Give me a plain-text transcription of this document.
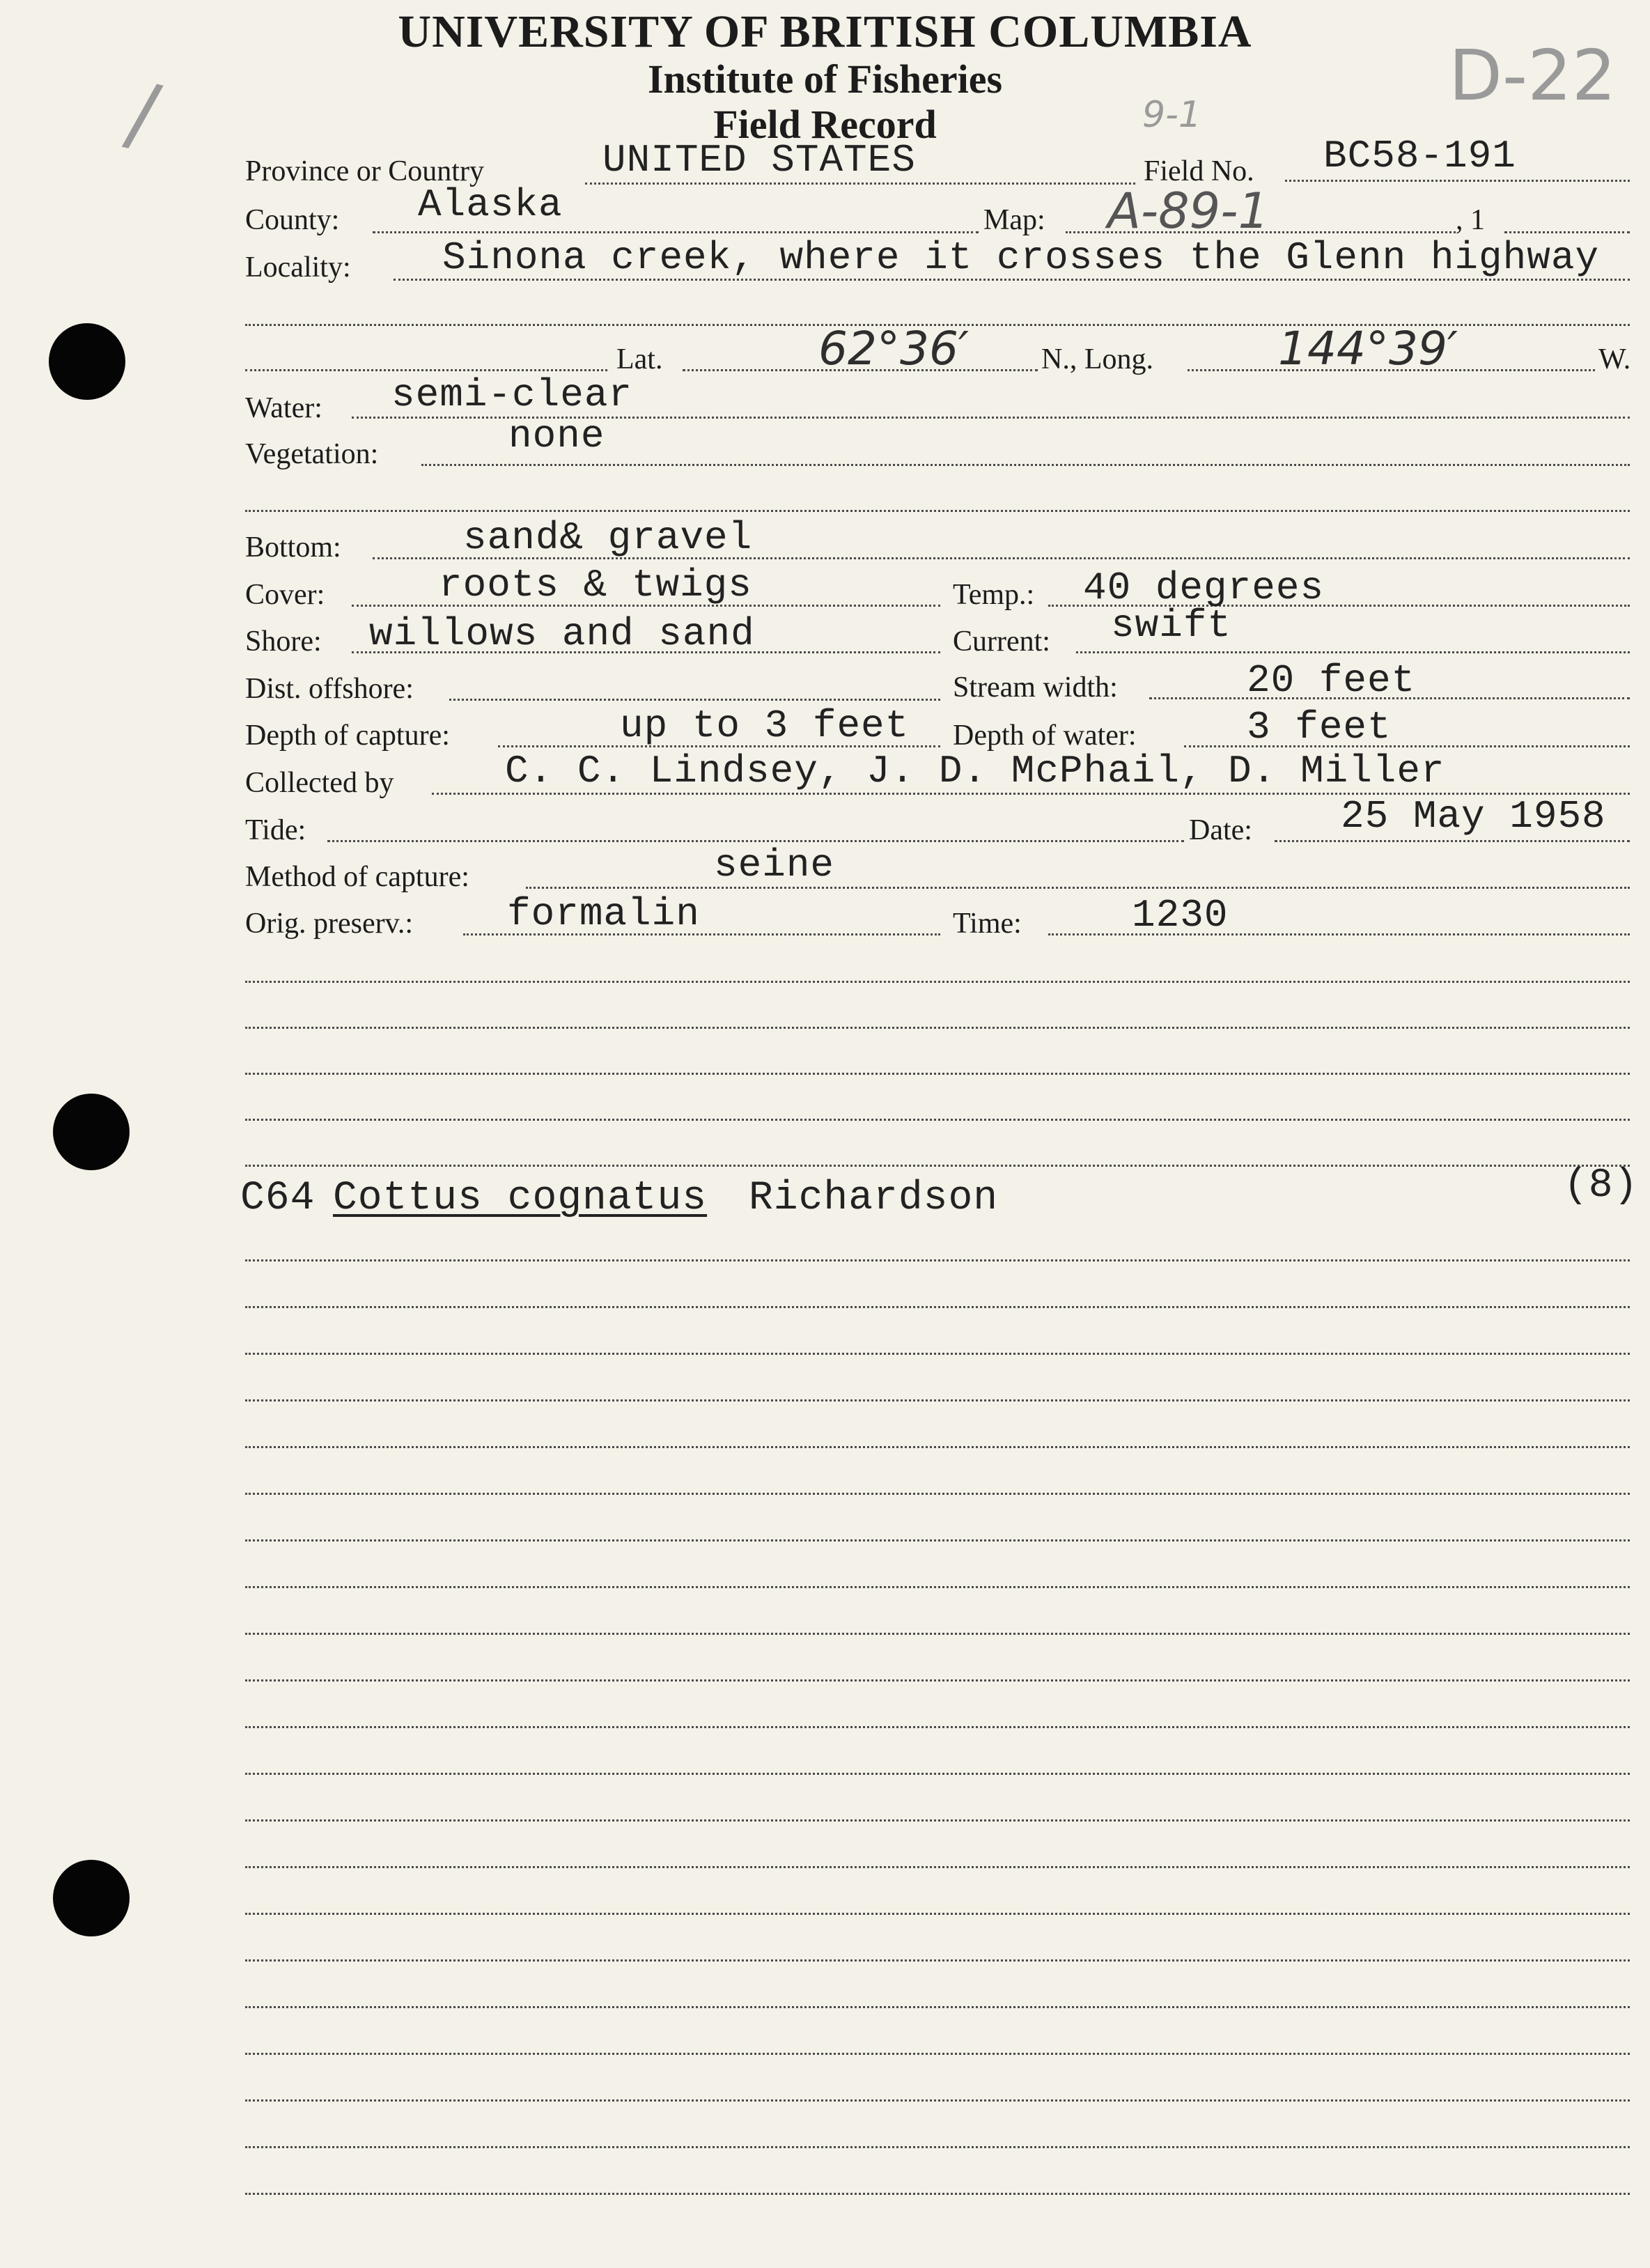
/	D-22
9-1
UNIVERSITY OF BRITISH COLUMBIA
Institute of Fisheries
Field Record
Province or Country	UNITED STATES	Field No. BC58-191
County: Alaska	Map: A-89-1	, 1
Locality: Sinona creek, where it crosses the Glenn highway
Lat.	62°36′ N., Long.	144°39′	W.
Water: semi-clear
Vegetation:	none
Bottom:	sand& gravel
Cover:	roots & twigs	Temp.: 40 degrees
Shore: willows and sand	Current: swift
Dist. offshore:	Stream width:	20 feet
Depth of capture:	up to 3 feet Depth of water:	3 feet
Collected by	C. C. Lindsey, J. D. McPhail, D. Miller
Tide:	Date: 25 May 1958
Method of capture:	seine
Orig. preserv.: formalin	Time:	1230
C64 Cottus cognatus Richardson	(8)
